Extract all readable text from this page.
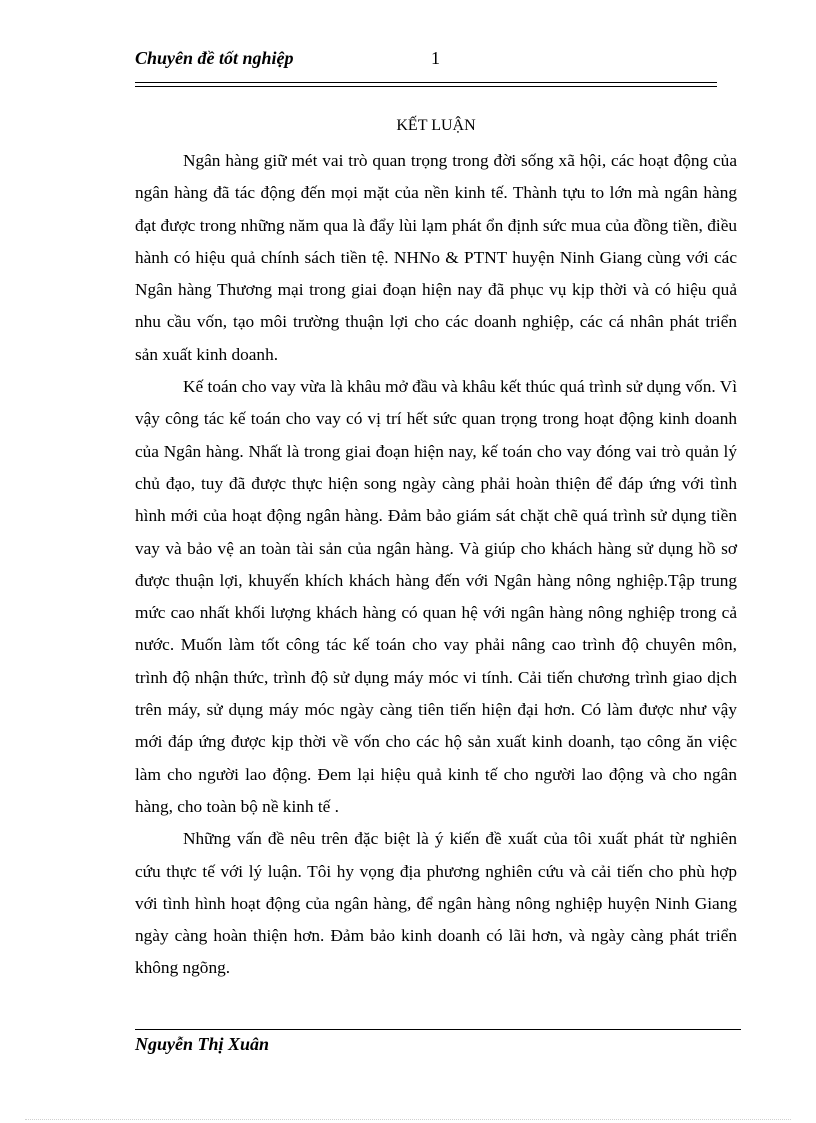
Chuyên đề tốt nghiệp	1
KẾT LUẬN

Ngân hàng giữ mét vai trò quan trọng trong đời sống xã hội, các hoạt động của ngân hàng đã tác động đến mọi mặt của nền kinh tế. Thành tựu to lớn mà ngân hàng đạt được trong những năm qua là đẩy lùi lạm phát ổn định sức mua của đồng tiền, điều hành có hiệu quả chính sách tiền tệ. NHNo & PTNT huyện Ninh Giang cùng với các Ngân hàng Thương mại trong giai đoạn hiện nay đã phục vụ kịp thời và có hiệu quả nhu cầu vốn, tạo môi trường thuận lợi cho các doanh nghiệp, các cá nhân phát triển sản xuất kinh doanh.

Kế toán cho vay vừa là khâu mở đầu và khâu kết thúc quá trình sử dụng vốn. Vì vậy công tác kế toán cho vay có vị trí hết sức quan trọng trong hoạt động kinh doanh của Ngân hàng. Nhất là trong giai đoạn hiện nay, kế toán cho vay đóng vai trò quản lý chủ đạo, tuy đã được thực hiện song ngày càng phải hoàn thiện để đáp ứng với tình hình mới của hoạt động ngân hàng. Đảm bảo giám sát chặt chẽ quá trình sử dụng tiền vay và bảo vệ an toàn tài sản của ngân hàng. Và giúp cho khách hàng sử dụng hồ sơ được thuận lợi, khuyến khích khách hàng đến với Ngân hàng nông nghiệp.Tập trung mức cao nhất khối lượng khách hàng có quan hệ với ngân hàng nông nghiệp trong cả nước. Muốn làm tốt công tác kế toán cho vay phải nâng cao trình độ chuyên môn, trình độ nhận thức, trình độ sử dụng máy móc vi tính. Cải tiến chương trình giao dịch trên máy, sử dụng máy móc ngày càng tiên tiến hiện đại hơn. Có làm được như vậy mới đáp ứng được kịp thời về vốn cho các hộ sản xuất kinh doanh, tạo công ăn việc làm cho người lao động. Đem lại hiệu quả kinh tế cho người lao động và cho ngân hàng, cho toàn bộ nề kinh tế .

Những vấn đề nêu trên đặc biệt là ý kiến đề xuất của tôi xuất phát từ nghiên cứu thực tế với lý luận. Tôi hy vọng địa phương nghiên cứu và cải tiến cho phù hợp với tình hình hoạt động của ngân hàng, để ngân hàng nông nghiệp huyện Ninh Giang ngày càng hoàn thiện hơn. Đảm bảo kinh doanh có lãi hơn, và ngày càng phát triển không ngõng.

Nguyễn Thị Xuân
